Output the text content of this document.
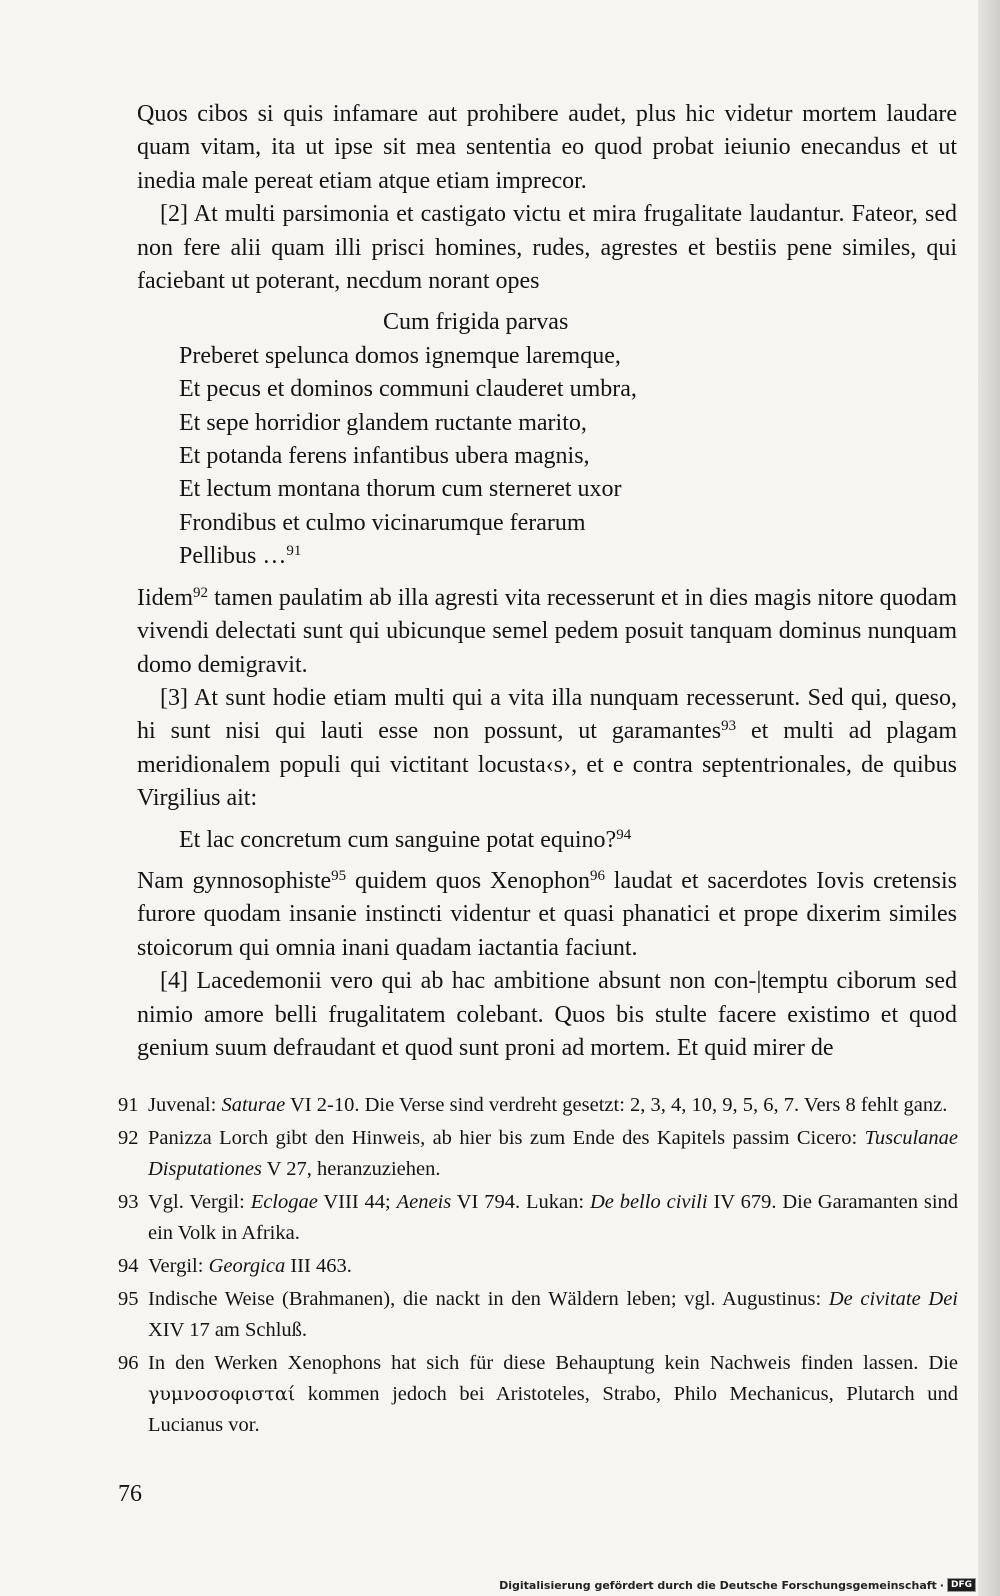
Quos cibos si quis infamare aut prohibere audet, plus hic videtur mortem laudare quam vitam, ita ut ipse sit mea sententia eo quod probat ieiunio enecandus et ut inedia male pereat etiam atque etiam imprecor.

[2] At multi parsimonia et castigato victu et mira frugalitate laudantur. Fateor, sed non fere alii quam illi prisci homines, rudes, agrestes et bestiis pene similes, qui faciebant ut poterant, necdum norant opes

Cum frigida parvas
Preberet spelunca domos ignemque laremque,
Et pecus et dominos communi clauderet umbra,
Et sepe horridior glandem ructante marito,
Et potanda ferens infantibus ubera magnis,
Et lectum montana thorum cum sterneret uxor
Frondibus et culmo vicinarumque ferarum
Pellibus …$^{91}$

Iidem$^{92}$ tamen paulatim ab illa agresti vita recesserunt et in dies magis nitore quodam vivendi delectati sunt qui ubicunque semel pedem posuit tanquam dominus nunquam domo demigravit.

[3] At sunt hodie etiam multi qui a vita illa nunquam recesserunt. Sed qui, queso, hi sunt nisi qui lauti esse non possunt, ut garamantes$^{93}$ et multi ad plagam meridionalem populi qui victitant locusta‹s›, et e contra septentrionales, de quibus Virgilius ait:

Et lac concretum cum sanguine potat equino?$^{94}$

Nam gynnosophiste$^{95}$ quidem quos Xenophon$^{96}$ laudat et sacerdotes Iovis cretensis furore quodam insanie instincti videntur et quasi phanatici et prope dixerim similes stoicorum qui omnia inani quadam iactantia faciunt.

[4] Lacedemonii vero qui ab hac ambitione absunt non con-|temptu ciborum sed nimio amore belli frugalitatem colebant. Quos bis stulte facere existimo et quod genium suum defraudant et quod sunt proni ad mortem. Et quid mirer de

91 Juvenal: Saturae VI 2-10. Die Verse sind verdreht gesetzt: 2, 3, 4, 10, 9, 5, 6, 7. Vers 8 fehlt ganz.
92 Panizza Lorch gibt den Hinweis, ab hier bis zum Ende des Kapitels passim Cicero: Tusculanae Disputationes V 27, heranzuziehen.
93 Vgl. Vergil: Eclogae VIII 44; Aeneis VI 794. Lukan: De bello civili IV 679. Die Garamanten sind ein Volk in Afrika.
94 Vergil: Georgica III 463.
95 Indische Weise (Brahmanen), die nackt in den Wäldern leben; vgl. Augustinus: De civitate Dei XIV 17 am Schluß.
96 In den Werken Xenophons hat sich für diese Behauptung kein Nachweis finden lassen. Die γυμνοσοφισταί kommen jedoch bei Aristoteles, Strabo, Philo Mechanicus, Plutarch und Lucianus vor.
76
Digitalisierung gefördert durch die Deutsche Forschungsgemeinschaft · DFG
